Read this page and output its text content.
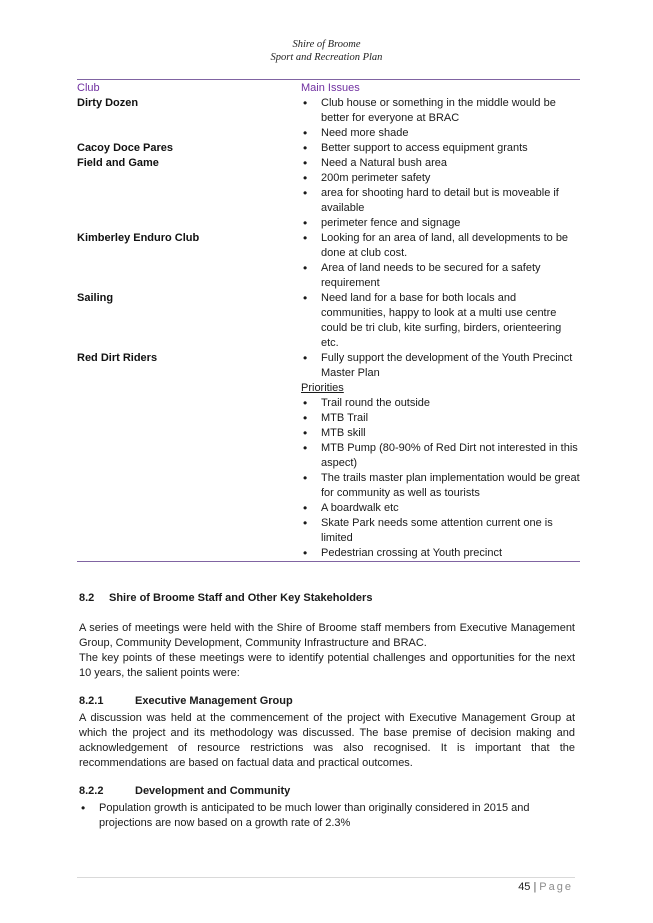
Shire of Broome
Sport and Recreation Plan
Club	Main Issues
Dirty Dozen	• Club house or something in the middle would be better for everyone at BRAC
• Need more shade
Cacoy Doce Pares	• Better support to access equipment grants
Field and Game	• Need a Natural bush area
• 200m perimeter safety
• area for shooting hard to detail but is moveable if available
• perimeter fence and signage
Kimberley Enduro Club	• Looking for an area of land, all developments to be done at club cost.
• Area of land needs to be secured for a safety requirement
Sailing	• Need land for a base for both locals and communities, happy to look at a multi use centre could be tri club, kite surfing, birders, orienteering etc.
Red Dirt Riders	• Fully support the development of the Youth Precinct Master Plan
Priorities
• Trail round the outside
• MTB Trail
• MTB skill
• MTB Pump (80-90% of Red Dirt not interested in this aspect)
• The trails master plan implementation would be great for community as well as tourists
• A boardwalk etc
• Skate Park needs some attention current one is limited
• Pedestrian crossing at Youth precinct
8.2 Shire of Broome Staff and Other Key Stakeholders

A series of meetings were held with the Shire of Broome staff members from Executive Management Group, Community Development, Community Infrastructure and BRAC.

The key points of these meetings were to identify potential challenges and opportunities for the next 10 years, the salient points were:

8.2.1	Executive Management Group

A discussion was held at the commencement of the project with Executive Management Group at which the project and its methodology was discussed. The base premise of decision making and acknowledgement of resource restrictions was also recognised. It is important that the recommendations are based on factual data and practical outcomes.

8.2.2	Development and Community
• Population growth is anticipated to be much lower than originally considered in 2015 and projections are now based on a growth rate of 2.3%
45 | Page
